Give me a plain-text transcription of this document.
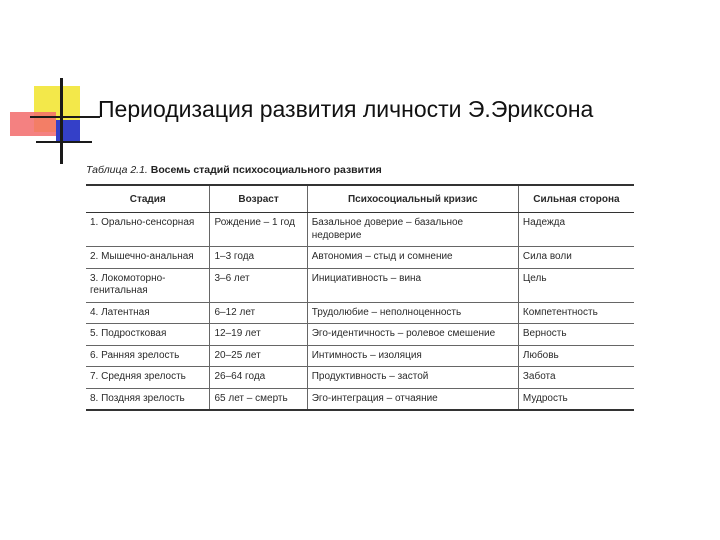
Периодизация развития личности Э.Эриксона
Таблица 2.1. Восемь стадий психосоциального развития
Стадия	Возраст	Психосоциальный кризис	Сильная сторона
1. Орально-сенсорная	Рождение – 1 год	Базальное доверие – базальное недоверие	Надежда
2. Мышечно-анальная	1–3 года	Автономия – стыд и сомнение	Сила воли
3. Локомоторно-генитальная	3–6 лет	Инициативность – вина	Цель
4. Латентная	6–12 лет	Трудолюбие – неполноценность	Компетентность
5. Подростковая	12–19 лет	Эго-идентичность – ролевое смешение	Верность
6. Ранняя зрелость	20–25 лет	Интимность – изоляция	Любовь
7. Средняя зрелость	26–64 года	Продуктивность – застой	Забота
8. Поздняя зрелость	65 лет – смерть	Эго-интеграция – отчаяние	Мудрость
